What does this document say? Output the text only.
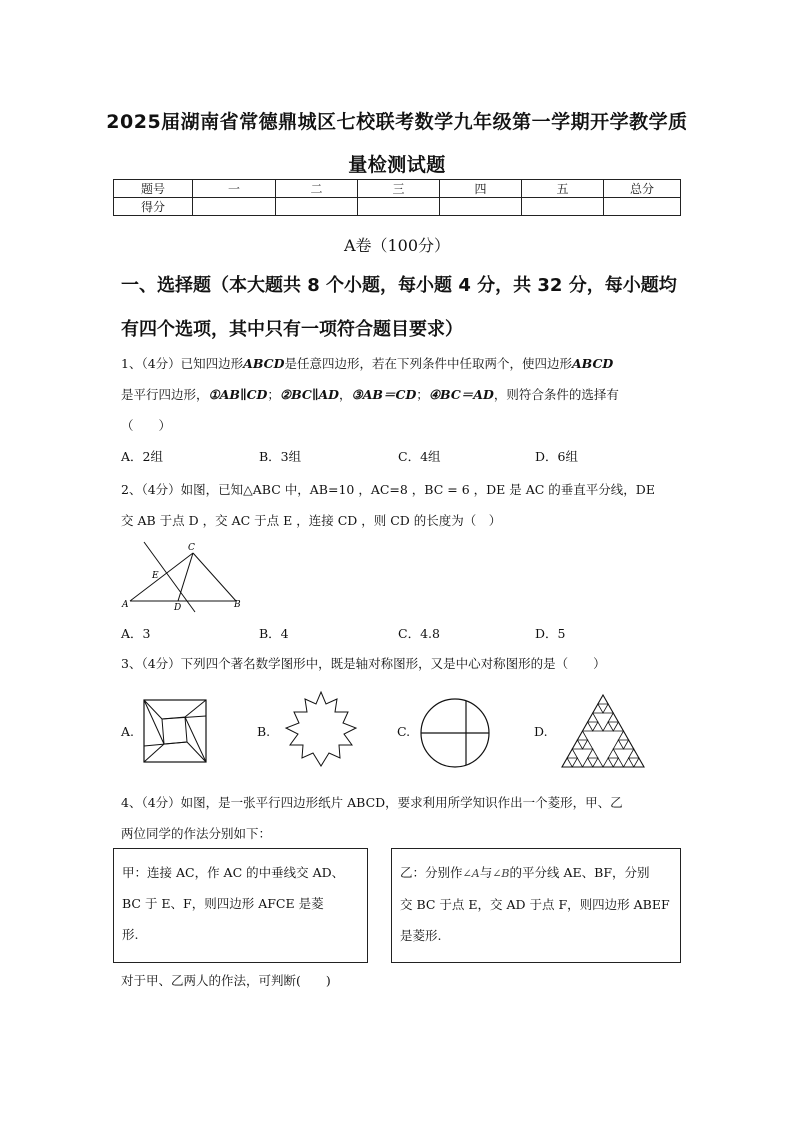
2025届湖南省常德鼎城区七校联考数学九年级第一学期开学教学质
量检测试题
题号	一	二	三	四	五	总分
得分						
A卷（100分）
一、选择题（本大题共 8 个小题，每小题 4 分，共 32 分，每小题均
有四个选项，其中只有一项符合题目要求）
1、（4分）已知四边形ABCD是任意四边形，若在下列条件中任取两个，使四边形ABCD
是平行四边形，①AB∥CD；②BC∥AD，③AB＝CD；④BC＝AD，则符合条件的选择有
（　　）
A．2组	B．3组	C．4组	D．6组
2、（4分）如图，已知△ABC 中，AB=10 ，AC=8 ，BC = 6 ，DE 是 AC 的垂直平分线，DE
交 AB 于点 D ，交 AC 于点 E ，连接 CD ，则 CD 的长度为（　）
A	B
C
D
E
A．3	B．4	C．4.8	D．5
3、（4分）下列四个著名数学图形中，既是轴对称图形，又是中心对称图形的是（　　）
A.	B.	C.	D.
4、（4分）如图，是一张平行四边形纸片 ABCD，要求利用所学知识作出一个菱形，甲、乙
两位同学的作法分别如下：
甲：连接 AC，作 AC 的中垂线交 AD、
BC 于 E、F，则四边形 AFCE 是菱
形.
乙：分别作∠A与∠B的平分线 AE、BF，分别
交 BC 于点 E，交 AD 于点 F，则四边形 ABEF
是菱形.
对于甲、乙两人的作法，可判断(　　)
